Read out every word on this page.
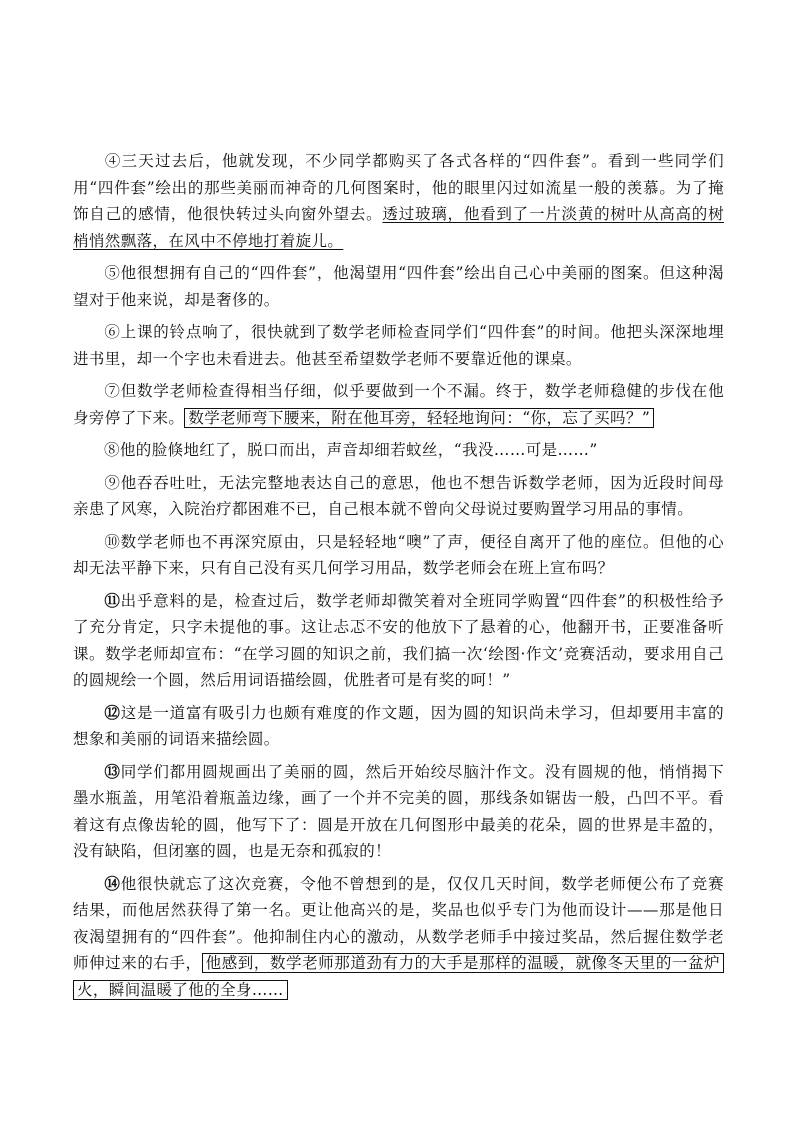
④三天过去后，他就发现，不少同学都购买了各式各样的“四件套”。看到一些同学们用“四件套”绘出的那些美丽而神奇的几何图案时，他的眼里闪过如流星一般的羡慕。为了掩饰自己的感情，他很快转过头向窗外望去。透过玻璃，他看到了一片淡黄的树叶从高高的树梢悄然飘落，在风中不停地打着旋儿。

⑤他很想拥有自己的“四件套”，他渴望用“四件套”绘出自己心中美丽的图案。但这种渴望对于他来说，却是奢侈的。

⑥上课的铃点响了，很快就到了数学老师检查同学们“四件套”的时间。他把头深深地埋进书里，却一个字也未看进去。他甚至希望数学老师不要靠近他的课桌。

⑦但数学老师检查得相当仔细，似乎要做到一个不漏。终于，数学老师稳健的步伐在他身旁停了下来。 数学老师弯下腰来，附在他耳旁，轻轻地询问：“你，忘了买吗？”

⑧他的脸倏地红了，脱口而出，声音却细若蚊丝，“我没……可是……”

⑨他吞吞吐吐，无法完整地表达自己的意思，他也不想告诉数学老师，因为近段时间母亲患了风寒，入院治疗都困难不已，自己根本就不曾向父母说过要购置学习用品的事情。

⑩数学老师也不再深究原由，只是轻轻地“噢”了声，便径自离开了他的座位。但他的心却无法平静下来，只有自己没有买几何学习用品，数学老师会在班上宣布吗？

⑪出乎意料的是，检查过后，数学老师却微笑着对全班同学购置“四件套”的积极性给予了充分肯定，只字未提他的事。这让忐忑不安的他放下了悬着的心，他翻开书，正要准备听课。数学老师却宣布：“在学习圆的知识之前，我们搞一次‘绘图·作文’竞赛活动，要求用自己的圆规绘一个圆，然后用词语描绘圆，优胜者可是有奖的呵！”

⑫这是一道富有吸引力也颇有难度的作文题，因为圆的知识尚未学习，但却要用丰富的想象和美丽的词语来描绘圆。

⑬同学们都用圆规画出了美丽的圆，然后开始绞尽脑汁作文。没有圆规的他，悄悄揭下墨水瓶盖，用笔沿着瓶盖边缘，画了一个并不完美的圆，那线条如锯齿一般，凸凹不平。看着这有点像齿轮的圆，他写下了：圆是开放在几何图形中最美的花朵，圆的世界是丰盈的，没有缺陷，但闭塞的圆，也是无奈和孤寂的！

⑭他很快就忘了这次竞赛，令他不曾想到的是，仅仅几天时间，数学老师便公布了竞赛结果，而他居然获得了第一名。更让他高兴的是，奖品也似乎专门为他而设计——那是他日夜渴望拥有的“四件套”。他抑制住内心的激动，从数学老师手中接过奖品，然后握住数学老师伸过来的右手， 他感到，数学老师那道劲有力的大手是那样的温暖，就像冬天里的一盆炉火，瞬间温暖了他的全身……
